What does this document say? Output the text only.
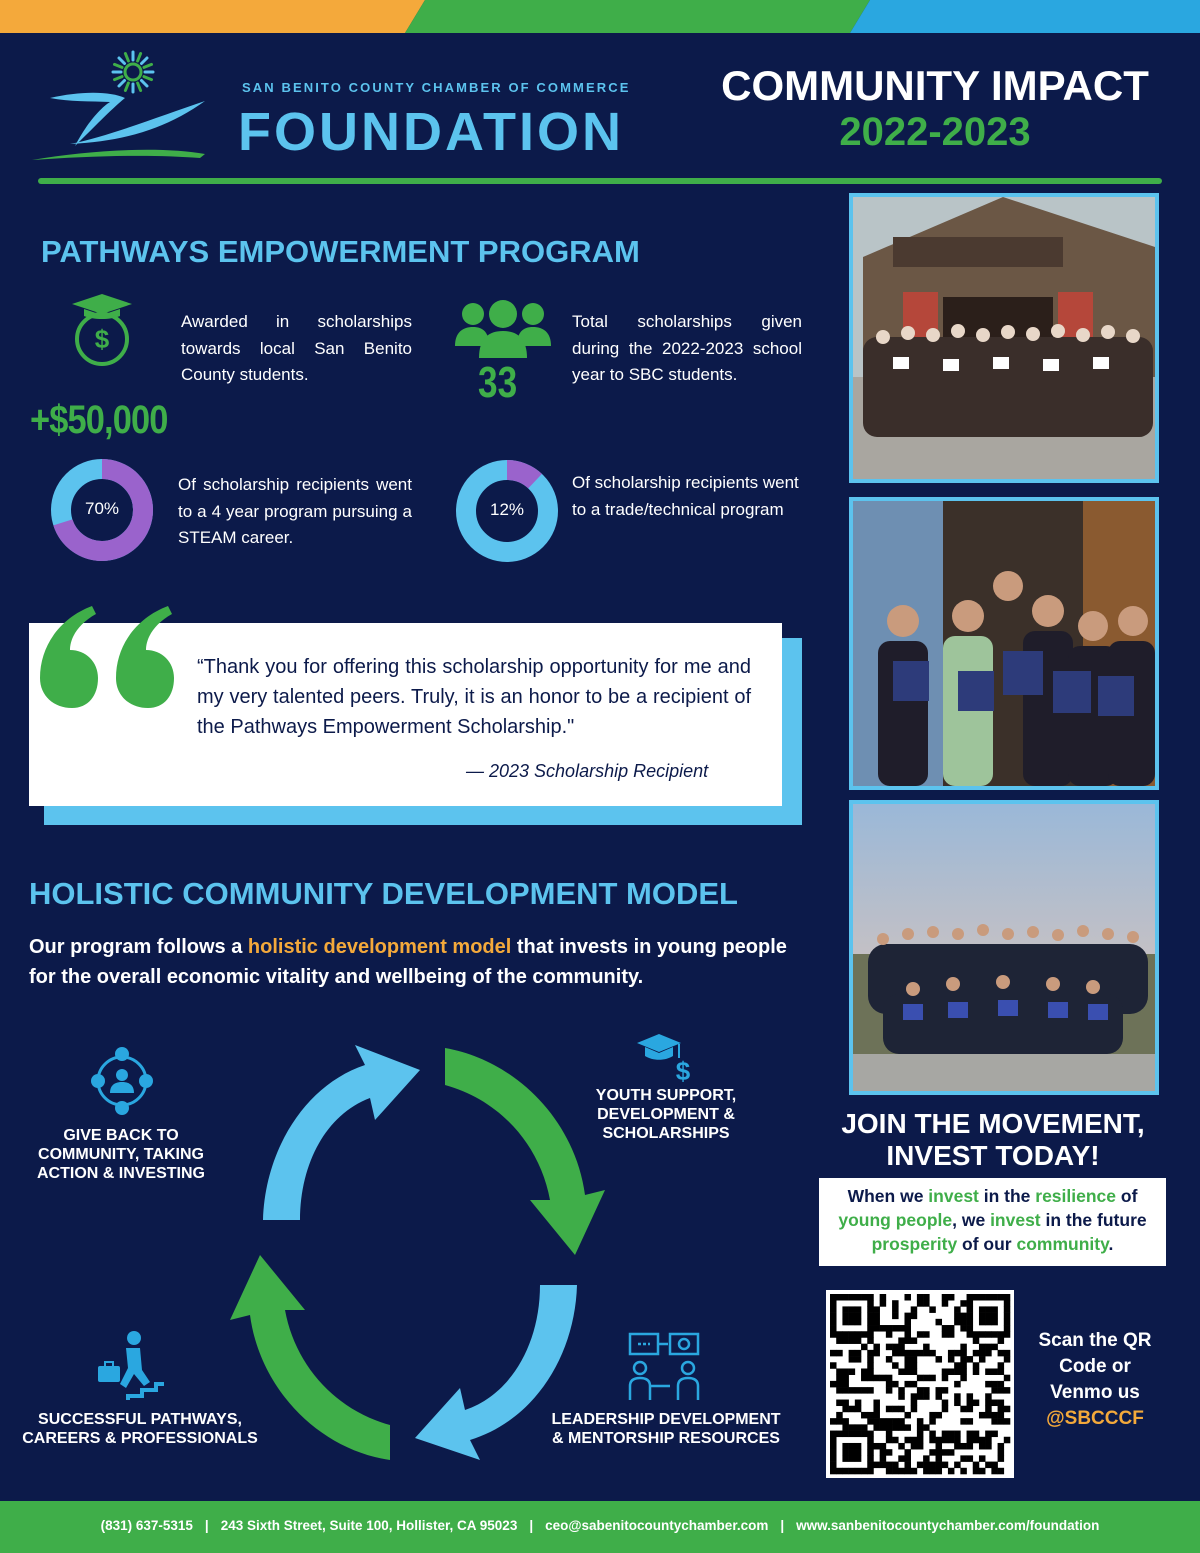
SAN BENITO COUNTY CHAMBER OF COMMERCE
FOUNDATION
COMMUNITY IMPACT
2022-2023
PATHWAYS EMPOWERMENT PROGRAM
$
Awarded in scholarships towards local San Benito County students.
+$50,000
33
Total scholarships given during the 2022-2023 school year to SBC students.
70%
Of scholarship recipients went to a 4 year program pursuing a STEAM career.
12%
Of scholarship recipients went to a trade/technical program
“Thank you for offering this scholarship opportunity for me and my very talented peers. Truly, it is an honor to be a recipient of the Pathways Empowerment Scholarship."
— 2023 Scholarship Recipient
HOLISTIC COMMUNITY DEVELOPMENT MODEL
Our program follows a holistic development model that invests in young people for the overall economic vitality and wellbeing of the community.
GIVE BACK TO COMMUNITY, TAKING ACTION & INVESTING
$
YOUTH SUPPORT, DEVELOPMENT & SCHOLARSHIPS
LEADERSHIP DEVELOPMENT & MENTORSHIP RESOURCES
SUCCESSFUL PATHWAYS, CAREERS & PROFESSIONALS
JOIN THE MOVEMENT,
INVEST TODAY!
When we invest in the resilience of
young people, we invest in the future
prosperity of our community.
Scan the QR Code or Venmo us
@SBCCCF
(831) 637-5315 | 243 Sixth Street, Suite 100, Hollister, CA 95023 | ceo@sabenitocountychamber.com | www.sanbenitocountychamber.com/foundation
